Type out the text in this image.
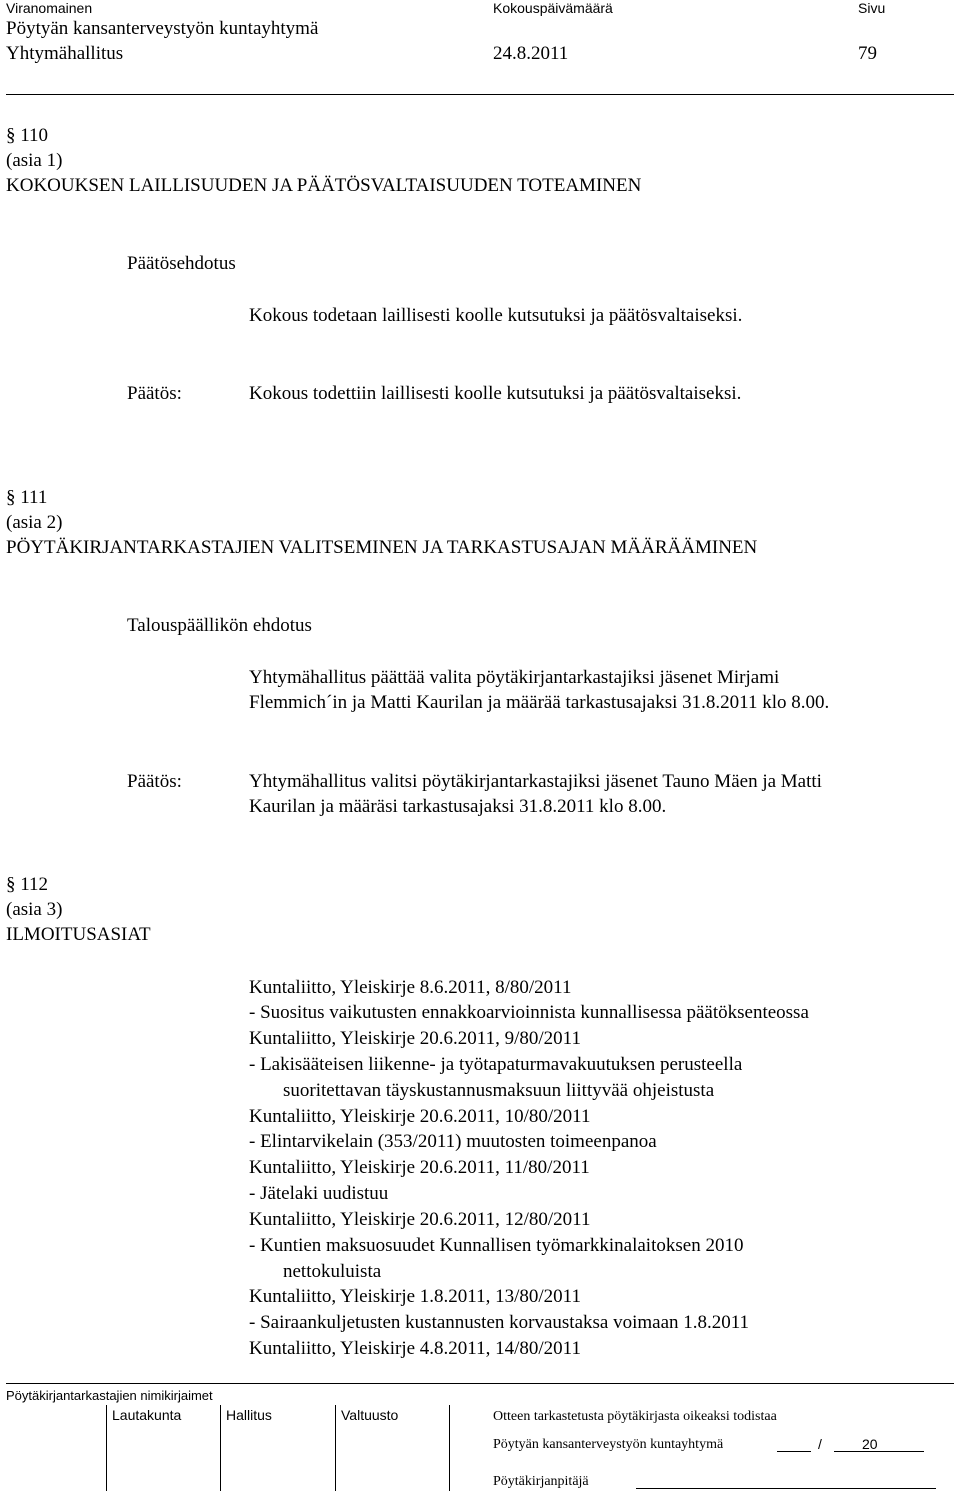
Viranomainen	Kokouspäivämäärä	Sivu
Pöytyän kansanterveystyön kuntayhtymä
Yhtymähallitus	24.8.2011	79
§ 110
(asia 1)
KOKOUKSEN LAILLISUUDEN JA PÄÄTÖSVALTAISUUDEN TOTEAMINEN
Päätösehdotus
Kokous todetaan laillisesti koolle kutsutuksi ja päätösvaltaiseksi.
Päätös:	Kokous todettiin laillisesti koolle kutsutuksi ja päätösvaltaiseksi.
§ 111
(asia 2)
PÖYTÄKIRJANTARKASTAJIEN VALITSEMINEN JA TARKASTUSAJAN MÄÄRÄÄMINEN
Talouspäällikön ehdotus
Yhtymähallitus päättää valita pöytäkirjantarkastajiksi jäsenet Mirjami
Flemmich´in ja Matti Kaurilan ja määrää tarkastusajaksi 31.8.2011 klo 8.00.
Päätös:	Yhtymähallitus valitsi pöytäkirjantarkastajiksi jäsenet Tauno Mäen ja Matti
Kaurilan ja määräsi tarkastusajaksi 31.8.2011 klo 8.00.
§ 112
(asia 3)
ILMOITUSASIAT
Kuntaliitto, Yleiskirje 8.6.2011, 8/80/2011
- Suositus vaikutusten ennakkoarvioinnista kunnallisessa päätöksenteossa
Kuntaliitto, Yleiskirje 20.6.2011, 9/80/2011
- Lakisääteisen liikenne- ja työtapaturmavakuutuksen perusteella
suoritettavan täyskustannusmaksuun liittyvää ohjeistusta
Kuntaliitto, Yleiskirje 20.6.2011, 10/80/2011
- Elintarvikelain (353/2011) muutosten toimeenpanoa
Kuntaliitto, Yleiskirje 20.6.2011, 11/80/2011
- Jätelaki uudistuu
Kuntaliitto, Yleiskirje 20.6.2011, 12/80/2011
- Kuntien maksuosuudet Kunnallisen työmarkkinalaitoksen 2010
nettokuluista
Kuntaliitto, Yleiskirje 1.8.2011, 13/80/2011
- Sairaankuljetusten kustannusten korvaustaksa voimaan 1.8.2011
Kuntaliitto, Yleiskirje 4.8.2011, 14/80/2011
Pöytäkirjantarkastajien nimikirjaimet
Lautakunta	Hallitus	Valtuusto	Otteen tarkastetusta pöytäkirjasta oikeaksi todistaa
Pöytyän kansanterveystyön kuntayhtymä	/	20
Pöytäkirjanpitäjä
